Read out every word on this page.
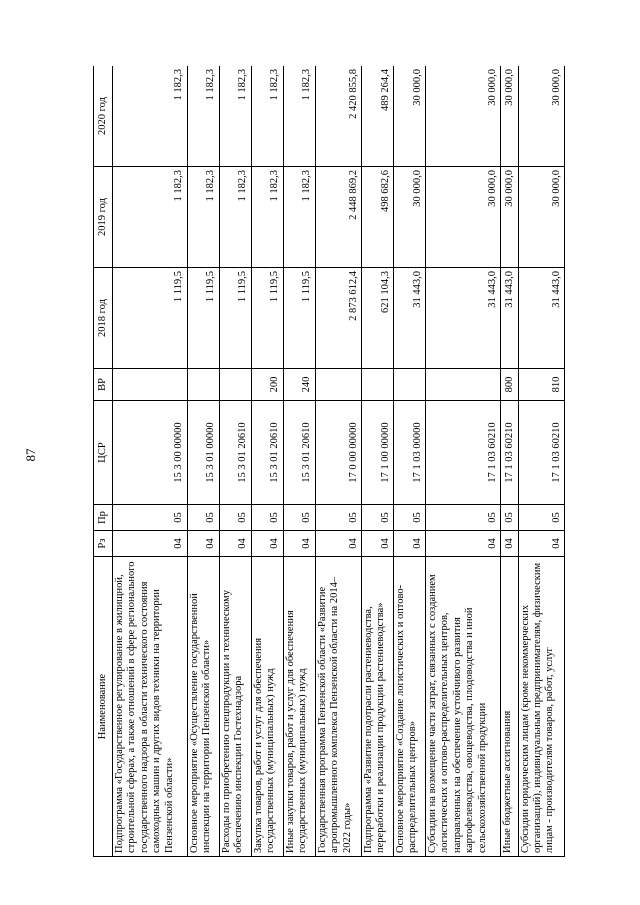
87
Наименование	Рз	Пр	ЦСР	ВР	2018 год	2019 год	2020 год
Подпрограмма «Государственное регулирование в жилищной, строительной сферах, а также отношений в сфере регионального государственного надзора в области технического состояния самоходных машин и других видов техники на территории Пензенской области»	04	05	15 3 00 00000		1 119,5	1 182,3	1 182,3
Основное мероприятие «Осуществление государственной инспекции на территории Пензенской области»	04	05	15 3 01 00000		1 119,5	1 182,3	1 182,3
Расходы по приобретению спецпродукции и техническому обеспечению инспекции Гостехнадзора	04	05	15 3 01 20610		1 119,5	1 182,3	1 182,3
Закупка товаров, работ и услуг для обеспечения государственных (муниципальных) нужд	04	05	15 3 01 20610	200	1 119,5	1 182,3	1 182,3
Иные закупки товаров, работ и услуг для обеспечения государственных (муниципальных) нужд	04	05	15 3 01 20610	240	1 119,5	1 182,3	1 182,3
Государственная программа Пензенской области «Развитие агропромышленного комплекса Пензенской области на 2014–2022 годы»	04	05	17 0 00 00000		2 873 612,4	2 448 869,2	2 420 855,8
Подпрограмма «Развитие подотрасли растениеводства, переработки и реализации продукции растениеводства»	04	05	17 1 00 00000		621 104,3	498 682,6	489 264,4
Основное мероприятие «Создание логистических и оптово-распределительных центров»	04	05	17 1 03 00000		31 443,0	30 000,0	30 000,0
Субсидии на возмещение части затрат, связанных с созданием логистических и оптово-распределительных центров, направленных на обеспечение устойчивого развития картофелеводства, овощеводства, плодоводства и иной сельскохозяйственной продукции	04	05	17 1 03 60210		31 443,0	30 000,0	30 000,0
Иные бюджетные ассигнования	04	05	17 1 03 60210	800	31 443,0	30 000,0	30 000,0
Субсидии юридическим лицам (кроме некоммерческих организаций), индивидуальным предпринимателям, физическим лицам - производителям товаров, работ, услуг	04	05	17 1 03 60210	810	31 443,0	30 000,0	30 000,0
